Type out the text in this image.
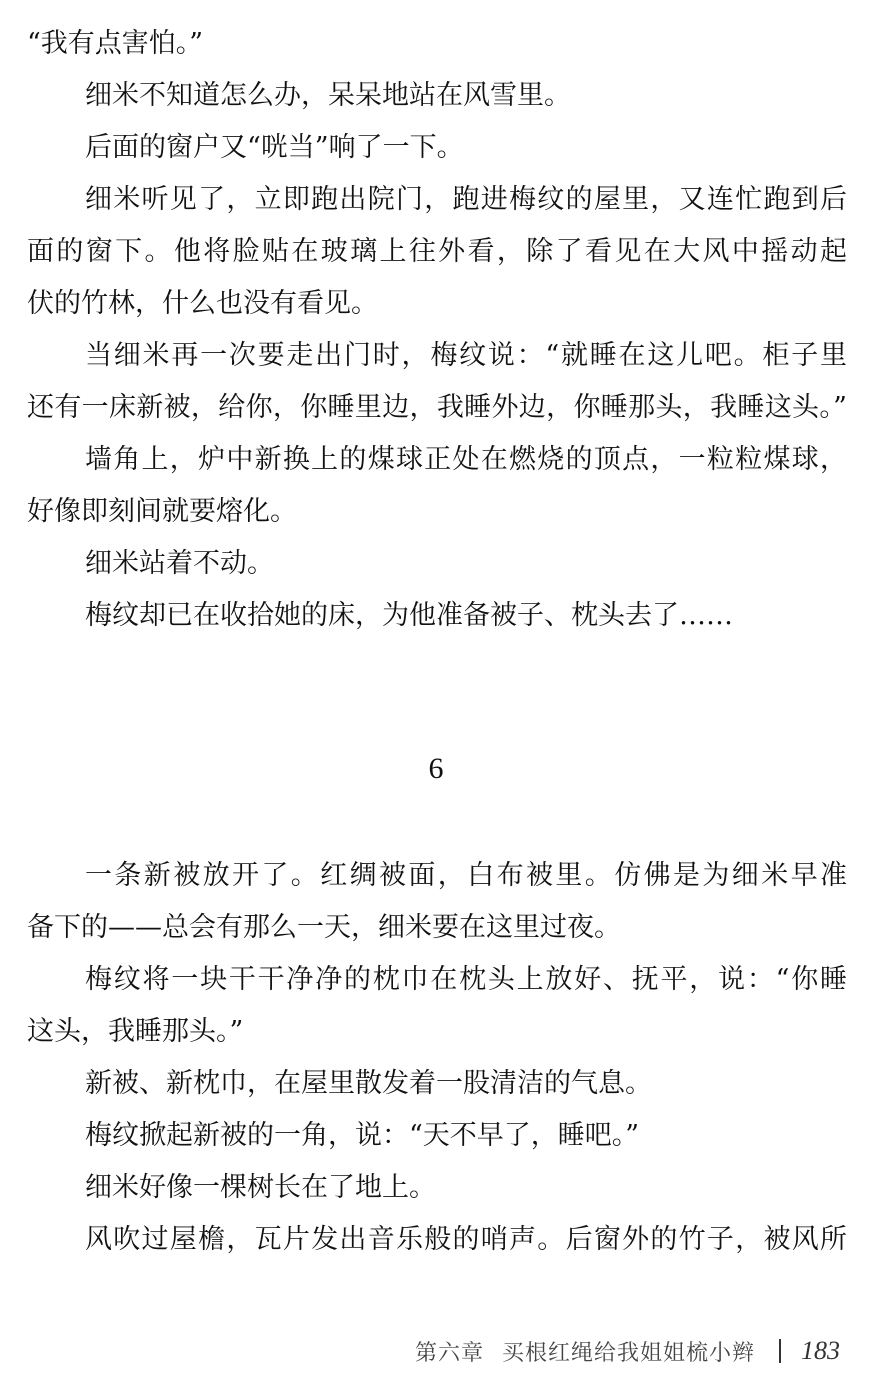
“我有点害怕。”
细米不知道怎么办，呆呆地站在风雪里。
后面的窗户又“咣当”响了一下。
细米听见了，立即跑出院门，跑进梅纹的屋里，又连忙跑到后
面的窗下。他将脸贴在玻璃上往外看，除了看见在大风中摇动起
伏的竹林，什么也没有看见。
当细米再一次要走出门时，梅纹说：“就睡在这儿吧。柜子里
还有一床新被，给你，你睡里边，我睡外边，你睡那头，我睡这头。”
墙角上，炉中新换上的煤球正处在燃烧的顶点，一粒粒煤球，
好像即刻间就要熔化。
细米站着不动。
梅纹却已在收拾她的床，为他准备被子、枕头去了……
一条新被放开了。红绸被面，白布被里。仿佛是为细米早准
备下的——总会有那么一天，细米要在这里过夜。
梅纹将一块干干净净的枕巾在枕头上放好、抚平，说：“你睡
这头，我睡那头。”
新被、新枕巾，在屋里散发着一股清洁的气息。
梅纹掀起新被的一角，说：“天不早了，睡吧。”
细米好像一棵树长在了地上。
风吹过屋檐，瓦片发出音乐般的哨声。后窗外的竹子，被风所
6
第六章 买根红绳给我姐姐梳小辫 183
